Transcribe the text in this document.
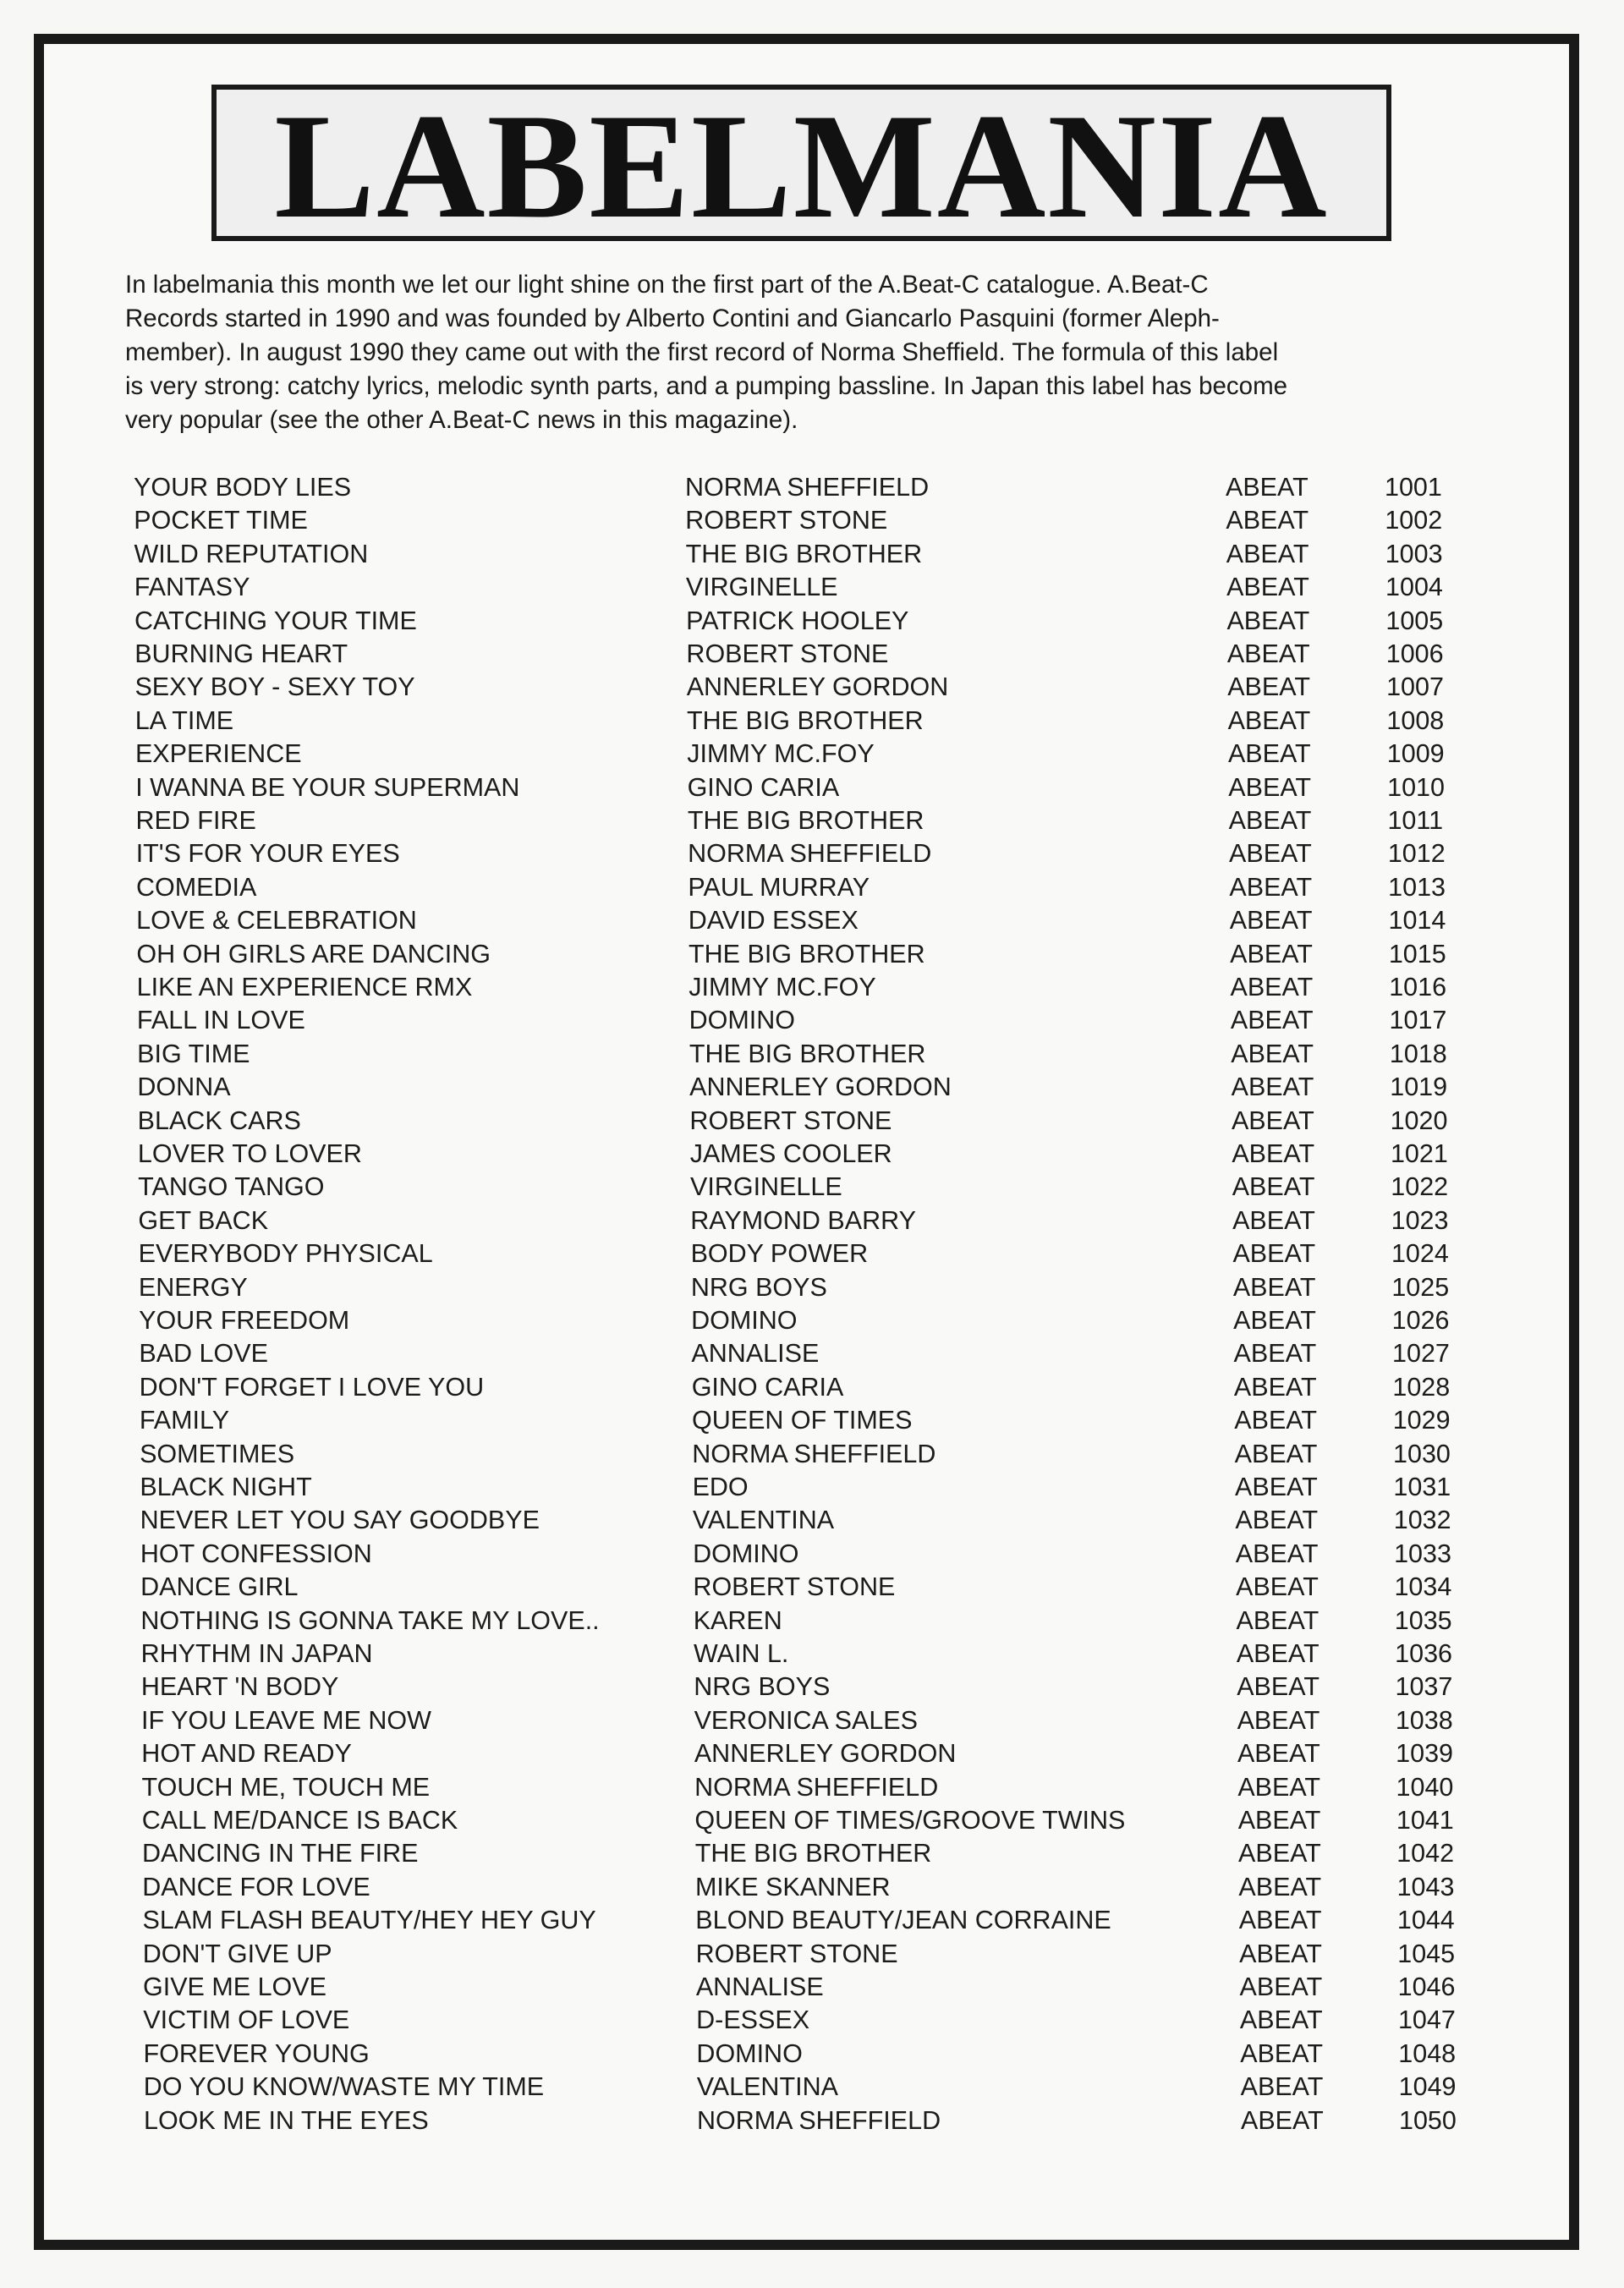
LABELMANIA

In labelmania this month we let our light shine on the first part of the A.Beat-C catalogue. A.Beat-C

Records started in 1990 and was founded by Alberto Contini and Giancarlo Pasquini (former Aleph-

member). In august 1990 they came out with the first record of Norma Sheffield. The formula of this label

is very strong: catchy lyrics, melodic synth parts, and a pumping bassline. In Japan this label has become

very popular (see the other A.Beat-C news in this magazine).

YOUR BODY LIES	NORMA SHEFFIELD	ABEAT	1001
POCKET TIME	ROBERT STONE	ABEAT	1002
WILD REPUTATION	THE BIG BROTHER	ABEAT	1003
FANTASY	VIRGINELLE	ABEAT	1004
CATCHING YOUR TIME	PATRICK HOOLEY	ABEAT	1005
BURNING HEART	ROBERT STONE	ABEAT	1006
SEXY BOY - SEXY TOY	ANNERLEY GORDON	ABEAT	1007
LA TIME	THE BIG BROTHER	ABEAT	1008
EXPERIENCE	JIMMY MC.FOY	ABEAT	1009
I WANNA BE YOUR SUPERMAN	GINO CARIA	ABEAT	1010
RED FIRE	THE BIG BROTHER	ABEAT	1011
IT'S FOR YOUR EYES	NORMA SHEFFIELD	ABEAT	1012
COMEDIA	PAUL MURRAY	ABEAT	1013
LOVE & CELEBRATION	DAVID ESSEX	ABEAT	1014
OH OH GIRLS ARE DANCING	THE BIG BROTHER	ABEAT	1015
LIKE AN EXPERIENCE RMX	JIMMY MC.FOY	ABEAT	1016
FALL IN LOVE	DOMINO	ABEAT	1017
BIG TIME	THE BIG BROTHER	ABEAT	1018
DONNA	ANNERLEY GORDON	ABEAT	1019
BLACK CARS	ROBERT STONE	ABEAT	1020
LOVER TO LOVER	JAMES COOLER	ABEAT	1021
TANGO TANGO	VIRGINELLE	ABEAT	1022
GET BACK	RAYMOND BARRY	ABEAT	1023
EVERYBODY PHYSICAL	BODY POWER	ABEAT	1024
ENERGY	NRG BOYS	ABEAT	1025
YOUR FREEDOM	DOMINO	ABEAT	1026
BAD LOVE	ANNALISE	ABEAT	1027
DON'T FORGET I LOVE YOU	GINO CARIA	ABEAT	1028
FAMILY	QUEEN OF TIMES	ABEAT	1029
SOMETIMES	NORMA SHEFFIELD	ABEAT	1030
BLACK NIGHT	EDO	ABEAT	1031
NEVER LET YOU SAY GOODBYE	VALENTINA	ABEAT	1032
HOT CONFESSION	DOMINO	ABEAT	1033
DANCE GIRL	ROBERT STONE	ABEAT	1034
NOTHING IS GONNA TAKE MY LOVE..	KAREN	ABEAT	1035
RHYTHM IN JAPAN	WAIN L.	ABEAT	1036
HEART 'N BODY	NRG BOYS	ABEAT	1037
IF YOU LEAVE ME NOW	VERONICA SALES	ABEAT	1038
HOT AND READY	ANNERLEY GORDON	ABEAT	1039
TOUCH ME, TOUCH ME	NORMA SHEFFIELD	ABEAT	1040
CALL ME/DANCE IS BACK	QUEEN OF TIMES/GROOVE TWINS	ABEAT	1041
DANCING IN THE FIRE	THE BIG BROTHER	ABEAT	1042
DANCE FOR LOVE	MIKE SKANNER	ABEAT	1043
SLAM FLASH BEAUTY/HEY HEY GUY	BLOND BEAUTY/JEAN CORRAINE	ABEAT	1044
DON'T GIVE UP	ROBERT STONE	ABEAT	1045
GIVE ME LOVE	ANNALISE	ABEAT	1046
VICTIM OF LOVE	D-ESSEX	ABEAT	1047
FOREVER YOUNG	DOMINO	ABEAT	1048
DO YOU KNOW/WASTE MY TIME	VALENTINA	ABEAT	1049
LOOK ME IN THE EYES	NORMA SHEFFIELD	ABEAT	1050
